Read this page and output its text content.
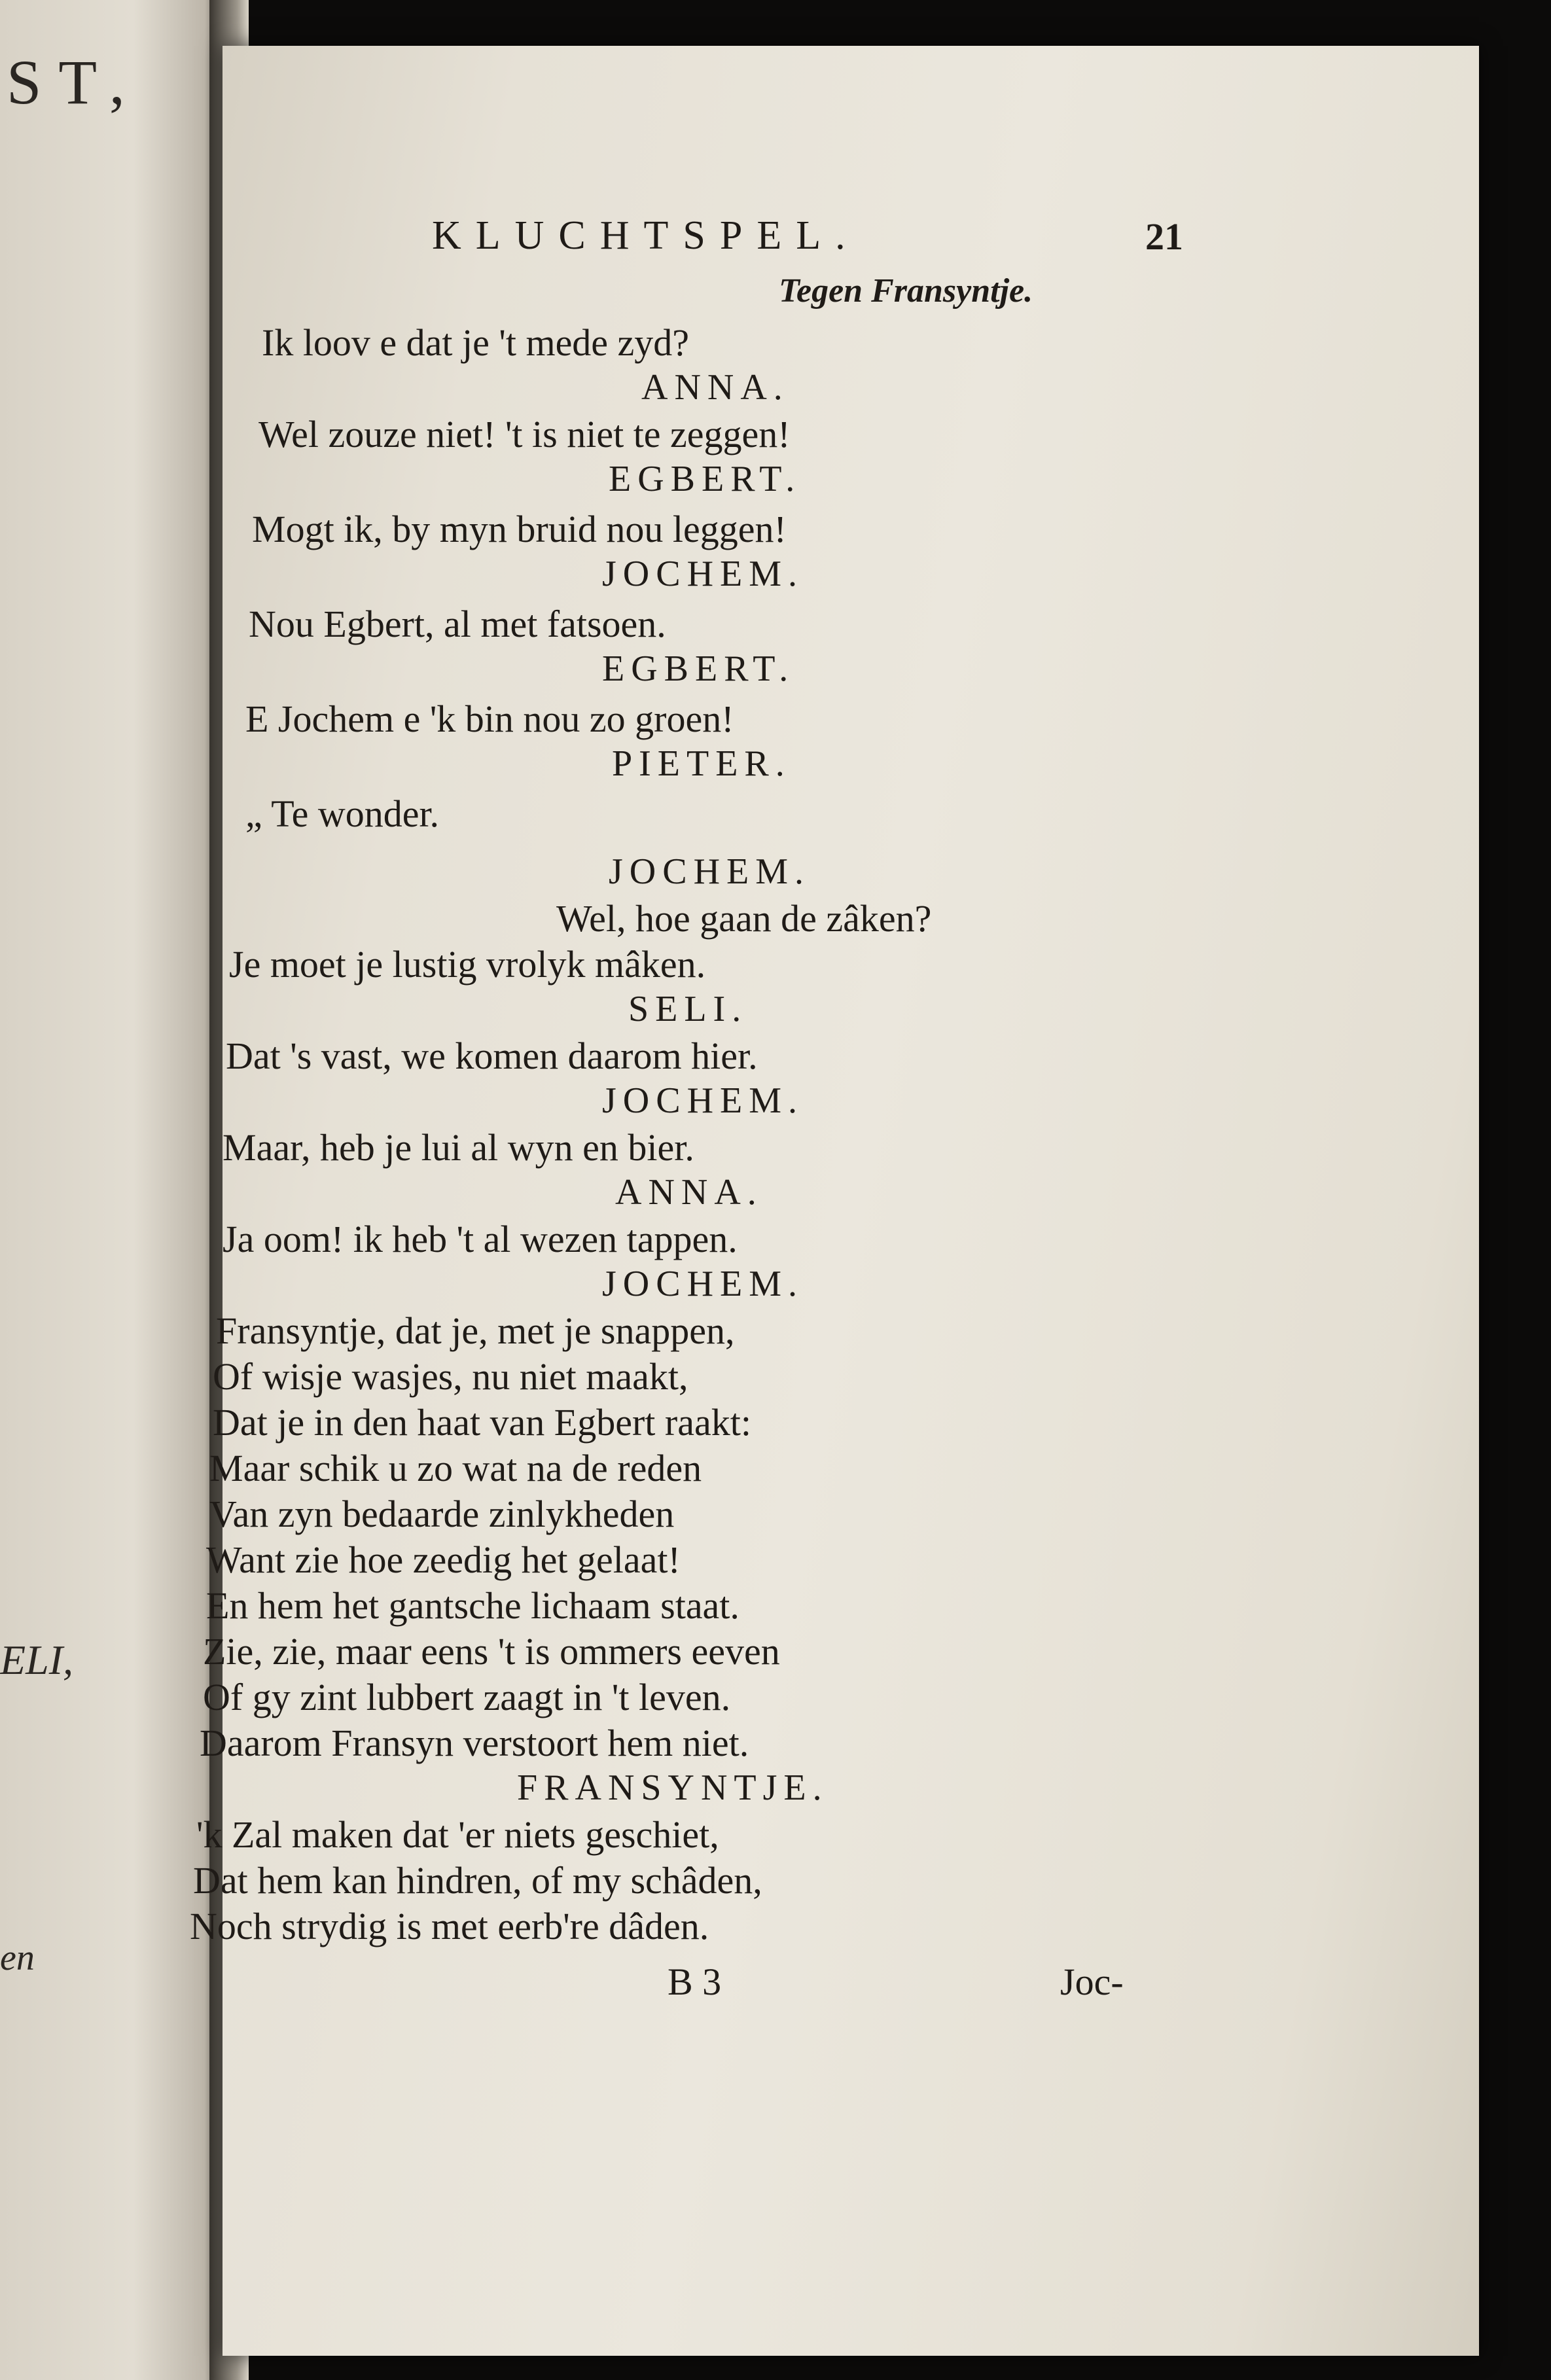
ST,
ELI,
en
KLUCHTSPEL.	21
Tegen Fransyntje.
Ik loov e dat je 't mede zyd?
ANNA.
Wel zouze niet! 't is niet te zeggen!
EGBERT.
Mogt ik, by myn bruid nou leggen!
JOCHEM.
Nou Egbert, al met fatsoen.
EGBERT.
E Jochem e 'k bin nou zo groen!
PIETER.
„ Te wonder.
JOCHEM.
Wel, hoe gaan de zâken?
Je moet je lustig vrolyk mâken.
SELI.
Dat 's vast, we komen daarom hier.
JOCHEM.
Maar, heb je lui al wyn en bier.
ANNA.
Ja oom! ik heb 't al wezen tappen.
JOCHEM.
Fransyntje, dat je, met je snappen,
Of wisje wasjes, nu niet maakt,
Dat je in den haat van Egbert raakt:
Maar schik u zo wat na de reden
Van zyn bedaarde zinlykheden
Want zie hoe zeedig het gelaat!
En hem het gantsche lichaam staat.
Zie, zie, maar eens 't is ommers eeven
Of gy zint lubbert zaagt in 't leven.
Daarom Fransyn verstoort hem niet.
FRANSYNTJE.
'k Zal maken dat 'er niets geschiet,
Dat hem kan hindren, of my schâden,
Noch strydig is met eerb're dâden.
B 3	Joc-
